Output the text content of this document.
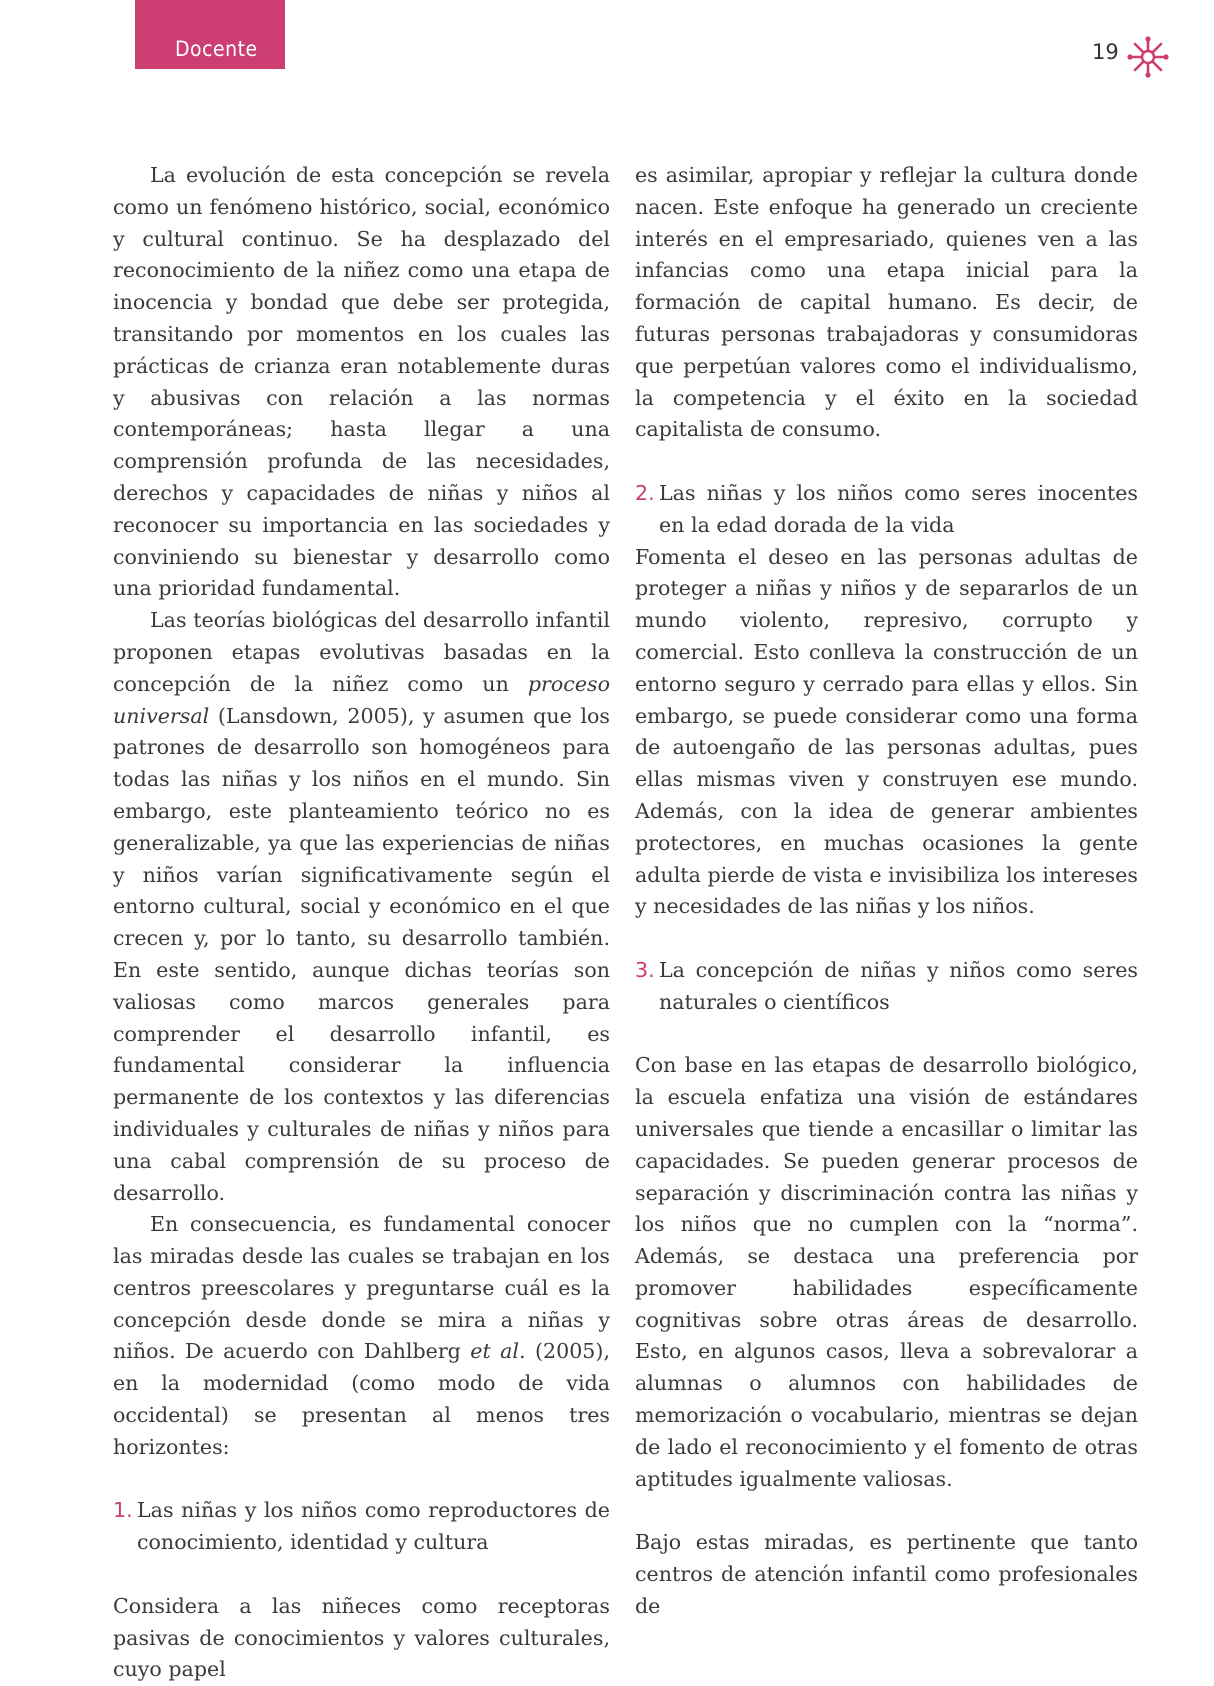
Docente	19

La evolución de esta concepción se revela como un fenómeno histórico, social, económico y cultural continuo. Se ha desplazado del reconocimiento de la niñez como una etapa de inocencia y bondad que debe ser protegida, transitando por momentos en los cuales las prácticas de crianza eran notablemente duras y abusivas con relación a las normas contemporáneas; hasta llegar a una comprensión profunda de las necesidades, derechos y capacidades de niñas y niños al reconocer su importancia en las sociedades y conviniendo su bienestar y desarrollo como una prioridad fundamental.

Las teorías biológicas del desarrollo infantil proponen etapas evolutivas basadas en la concepción de la niñez como un proceso universal (Lansdown, 2005), y asumen que los patrones de desarrollo son homogéneos para todas las niñas y los niños en el mundo. Sin embargo, este planteamiento teórico no es generalizable, ya que las experiencias de niñas y niños varían significativamente según el entorno cultural, social y económico en el que crecen y, por lo tanto, su desarrollo también. En este sentido, aunque dichas teorías son valiosas como marcos generales para comprender el desarrollo infantil, es fundamental considerar la influencia permanente de los contextos y las diferencias individuales y culturales de niñas y niños para una cabal comprensión de su proceso de desarrollo.

En consecuencia, es fundamental conocer las miradas desde las cuales se trabajan en los centros preescolares y preguntarse cuál es la concepción desde donde se mira a niñas y niños. De acuerdo con Dahlberg et al. (2005), en la modernidad (como modo de vida occidental) se presentan al menos tres horizontes:

1. Las niñas y los niños como reproductores de conocimiento, identidad y cultura

Considera a las niñeces como receptoras pasivas de conocimientos y valores culturales, cuyo papel

es asimilar, apropiar y reflejar la cultura donde nacen. Este enfoque ha generado un creciente interés en el empresariado, quienes ven a las infancias como una etapa inicial para la formación de capital humano. Es decir, de futuras personas trabajadoras y consumidoras que perpetúan valores como el individualismo, la competencia y el éxito en la sociedad capitalista de consumo.

2. Las niñas y los niños como seres inocentes en la edad dorada de la vida

Fomenta el deseo en las personas adultas de proteger a niñas y niños y de separarlos de un mundo violento, represivo, corrupto y comercial. Esto conlleva la construcción de un entorno seguro y cerrado para ellas y ellos. Sin embargo, se puede considerar como una forma de autoengaño de las personas adultas, pues ellas mismas viven y construyen ese mundo. Además, con la idea de generar ambientes protectores, en muchas ocasiones la gente adulta pierde de vista e invisibiliza los intereses y necesidades de las niñas y los niños.

3. La concepción de niñas y niños como seres naturales o científicos

Con base en las etapas de desarrollo biológico, la escuela enfatiza una visión de estándares universales que tiende a encasillar o limitar las capacidades. Se pueden generar procesos de separación y discriminación contra las niñas y los niños que no cumplen con la “norma”. Además, se destaca una preferencia por promover habilidades específicamente cognitivas sobre otras áreas de desarrollo. Esto, en algunos casos, lleva a sobrevalorar a alumnas o alumnos con habilidades de memorización o vocabulario, mientras se dejan de lado el reconocimiento y el fomento de otras aptitudes igualmente valiosas.

Bajo estas miradas, es pertinente que tanto centros de atención infantil como profesionales de
